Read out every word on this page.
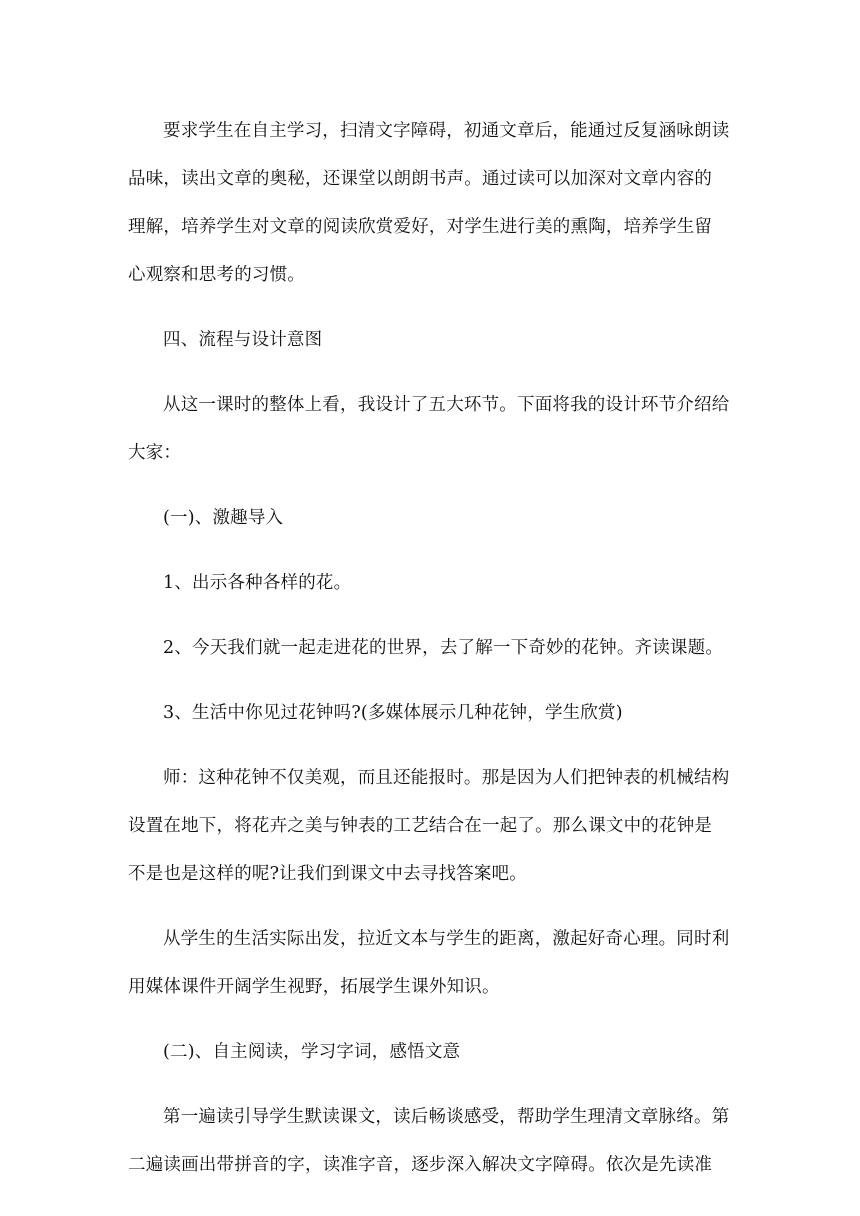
要求学生在自主学习，扫清文字障碍，初通文章后，能通过反复涵咏朗读
品味，读出文章的奥秘，还课堂以朗朗书声。通过读可以加深对文章内容的
理解，培养学生对文章的阅读欣赏爱好，对学生进行美的熏陶，培养学生留
心观察和思考的习惯。

四、流程与设计意图

从这一课时的整体上看，我设计了五大环节。下面将我的设计环节介绍给
大家：

(一)、激趣导入

1、出示各种各样的花。

2、今天我们就一起走进花的世界，去了解一下奇妙的花钟。齐读课题。

3、生活中你见过花钟吗?(多媒体展示几种花钟，学生欣赏)

师：这种花钟不仅美观，而且还能报时。那是因为人们把钟表的机械结构
设置在地下，将花卉之美与钟表的工艺结合在一起了。那么课文中的花钟是
不是也是这样的呢?让我们到课文中去寻找答案吧。

从学生的生活实际出发，拉近文本与学生的距离，激起好奇心理。同时利
用媒体课件开阔学生视野，拓展学生课外知识。

(二)、自主阅读，学习字词，感悟文意

第一遍读引导学生默读课文，读后畅谈感受，帮助学生理清文章脉络。第
二遍读画出带拼音的字，读准字音，逐步深入解决文字障碍。依次是先读准
